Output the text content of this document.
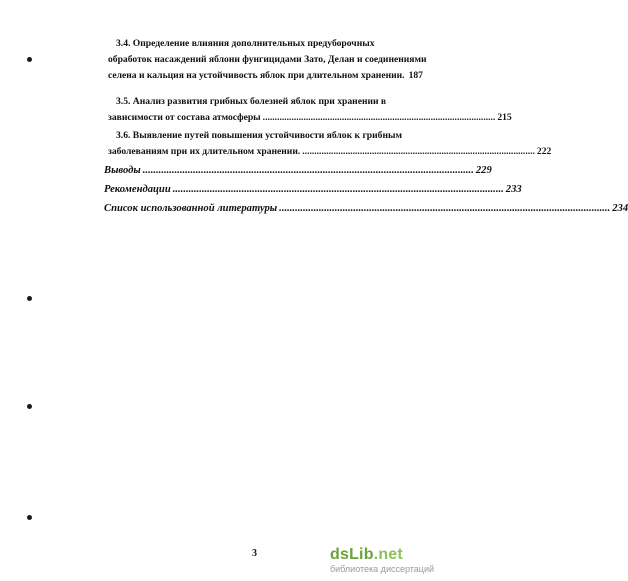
3.4. Определение влияния дополнительных предуборочных
обработок насаждений яблони фунгицидами Зато, Делан и соединениями
селена и кальция на устойчивость яблок при длительном хранении. 187
3.5. Анализ развития грибных болезней яблок при хранении в
зависимости от состава атмосферы ................................................................................................. 215
3.6. Выявление путей повышения устойчивости яблок к грибным
заболеваниям при их длительном хранении. ................................................................................................. 222
Выводы ............................................................................................................................. 229
Рекомендации ............................................................................................................................. 233
Список использованной литературы ............................................................................................................................. 234
3	dsLib.net
библиотека диссертаций
